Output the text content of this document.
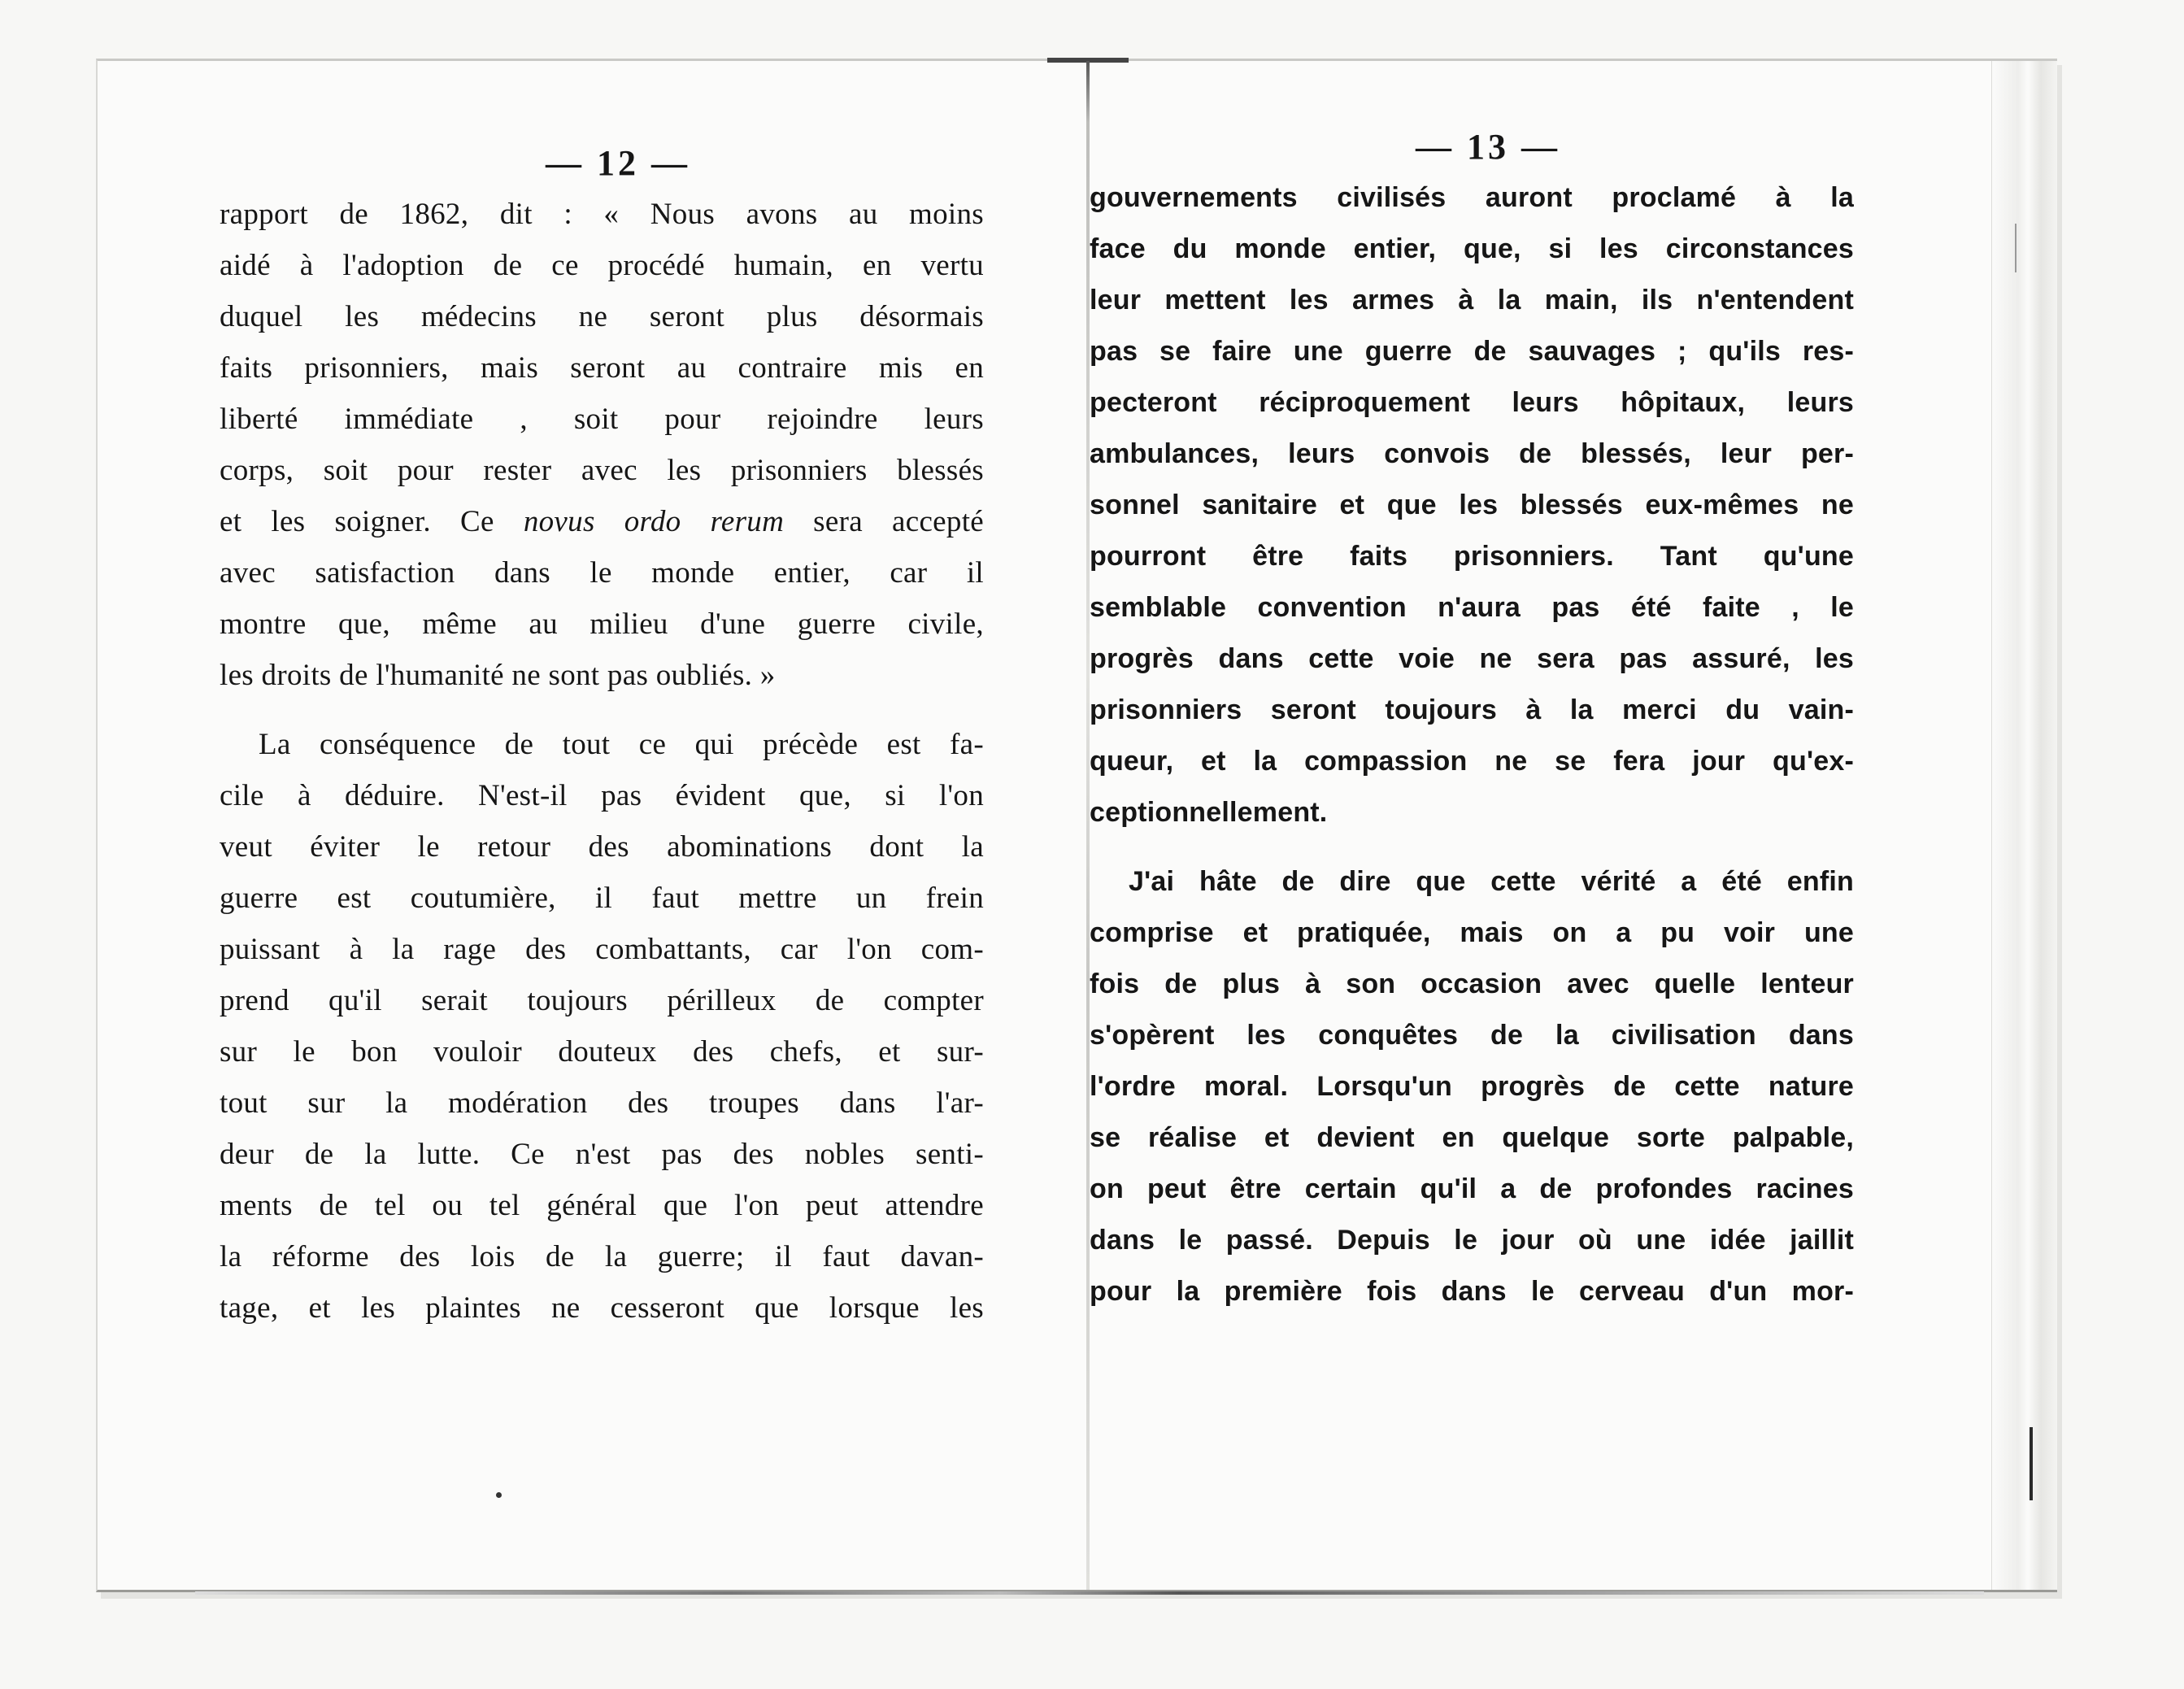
— 12 —
rapport de 1862, dit : « Nous avons au moins
aidé à l'adoption de ce procédé humain, en vertu
duquel les médecins ne seront plus désormais
faits prisonniers, mais seront au contraire mis en
liberté immédiate , soit pour rejoindre leurs
corps, soit pour rester avec les prisonniers blessés
et les soigner. Ce novus ordo rerum sera accepté
avec satisfaction dans le monde entier, car il
montre que, même au milieu d'une guerre civile,
les droits de l'humanité ne sont pas oubliés. »
La conséquence de tout ce qui précède est fa-
cile à déduire. N'est-il pas évident que, si l'on
veut éviter le retour des abominations dont la
guerre est coutumière, il faut mettre un frein
puissant à la rage des combattants, car l'on com-
prend qu'il serait toujours périlleux de compter
sur le bon vouloir douteux des chefs, et sur-
tout sur la modération des troupes dans l'ar-
deur de la lutte. Ce n'est pas des nobles senti-
ments de tel ou tel général que l'on peut attendre
la réforme des lois de la guerre; il faut davan-
tage, et les plaintes ne cesseront que lorsque les
— 13 —
gouvernements civilisés auront proclamé à la
face du monde entier, que, si les circonstances
leur mettent les armes à la main, ils n'entendent
pas se faire une guerre de sauvages ; qu'ils res-
pecteront réciproquement leurs hôpitaux, leurs
ambulances, leurs convois de blessés, leur per-
sonnel sanitaire et que les blessés eux-mêmes ne
pourront être faits prisonniers. Tant qu'une
semblable convention n'aura pas été faite , le
progrès dans cette voie ne sera pas assuré, les
prisonniers seront toujours à la merci du vain-
queur, et la compassion ne se fera jour qu'ex-
ceptionnellement.
J'ai hâte de dire que cette vérité a été enfin
comprise et pratiquée, mais on a pu voir une
fois de plus à son occasion avec quelle lenteur
s'opèrent les conquêtes de la civilisation dans
l'ordre moral. Lorsqu'un progrès de cette nature
se réalise et devient en quelque sorte palpable,
on peut être certain qu'il a de profondes racines
dans le passé. Depuis le jour où une idée jaillit
pour la première fois dans le cerveau d'un mor-
